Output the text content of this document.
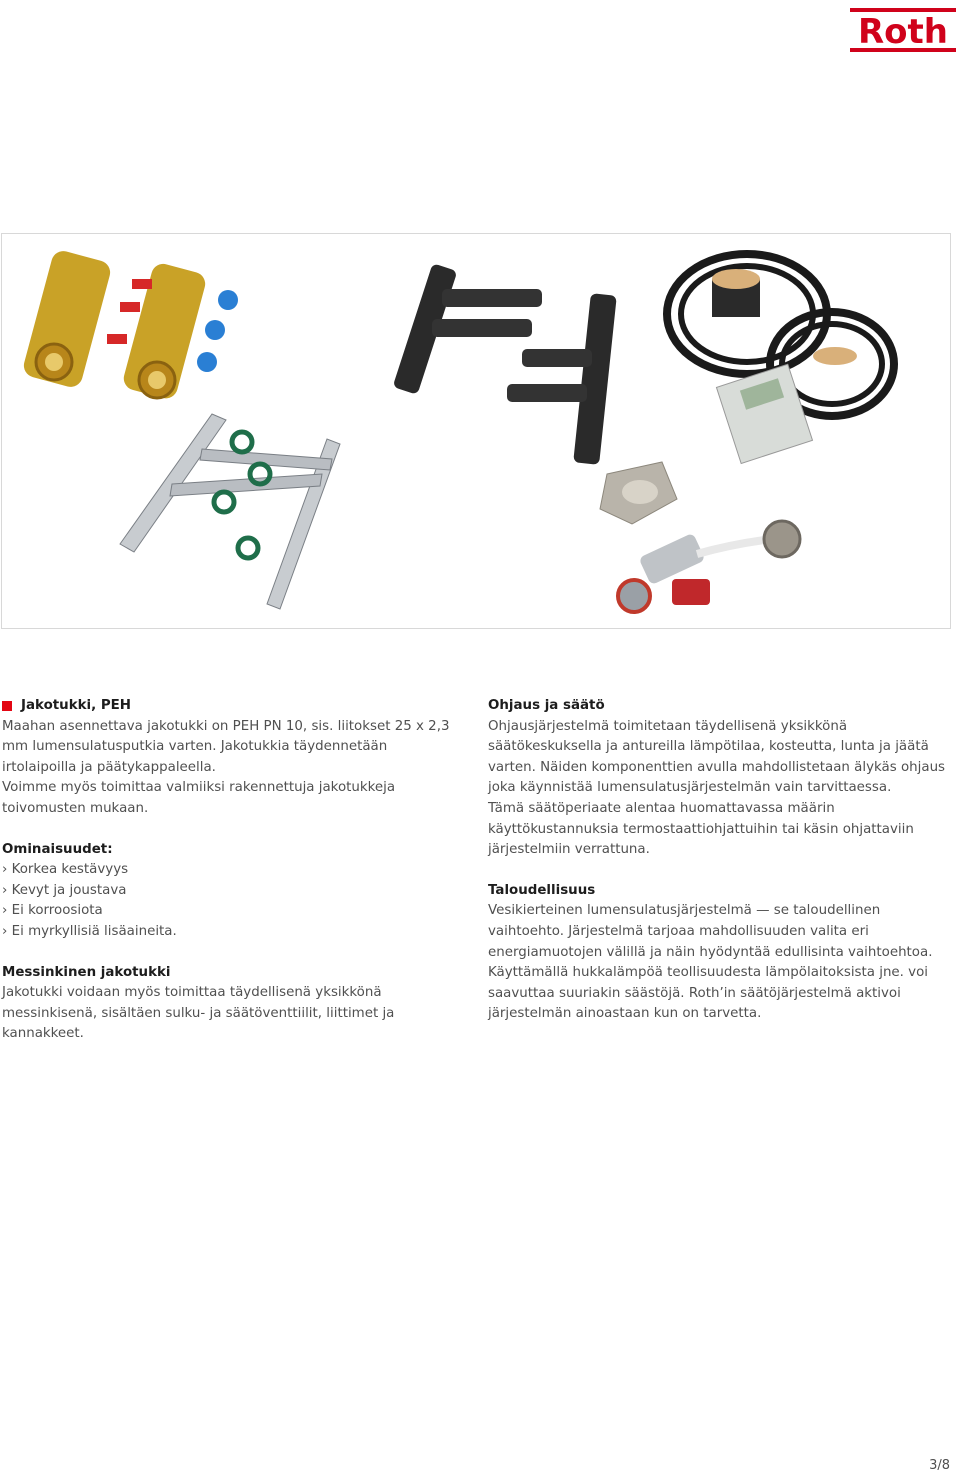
Roth
Jakotukki, PEH

Maahan asennettava jakotukki on PEH PN 10, sis. liitokset 25 x 2,3 mm lumensulatusputkia varten. Jakotukkia täydennetään irtolaipoilla ja päätykappaleella.

Voimme myös toimittaa valmiiksi rakennettuja jakotukkeja toivomusten mukaan.

Ominaisuudet:
› Korkea kestävyys
› Kevyt ja joustava
› Ei korroosiota
› Ei myrkyllisiä lisäaineita.
Messinkinen jakotukki

Jakotukki voidaan myös toimittaa täydellisenä yksikkönä messinkisenä, sisältäen sulku- ja säätöventtiilit, liittimet ja kannakkeet.

Ohjaus ja säätö

Ohjausjärjestelmä toimitetaan täydellisenä yksikkönä säätökeskuksella ja antureilla lämpötilaa, kosteutta, lunta ja jäätä varten. Näiden komponenttien avulla mahdollistetaan älykäs ohjaus joka käynnistää lumensulatusjärjestelmän vain tarvittaessa.

Tämä säätöperiaate alentaa huomattavassa määrin käyttökustannuksia termostaattiohjattuihin tai käsin ohjattaviin järjestelmiin verrattuna.

Taloudellisuus

Vesikierteinen lumensulatusjärjestelmä — se taloudellinen vaihtoehto. Järjestelmä tarjoaa mahdollisuuden valita eri energiamuotojen välillä ja näin hyödyntää edullisinta vaihtoehtoa. Käyttämällä hukkalämpöä teollisuudesta lämpölaitoksista jne. voi saavuttaa suuriakin säästöjä. Roth’in säätöjärjestelmä aktivoi järjestelmän ainoastaan kun on tarvetta.

3/8
